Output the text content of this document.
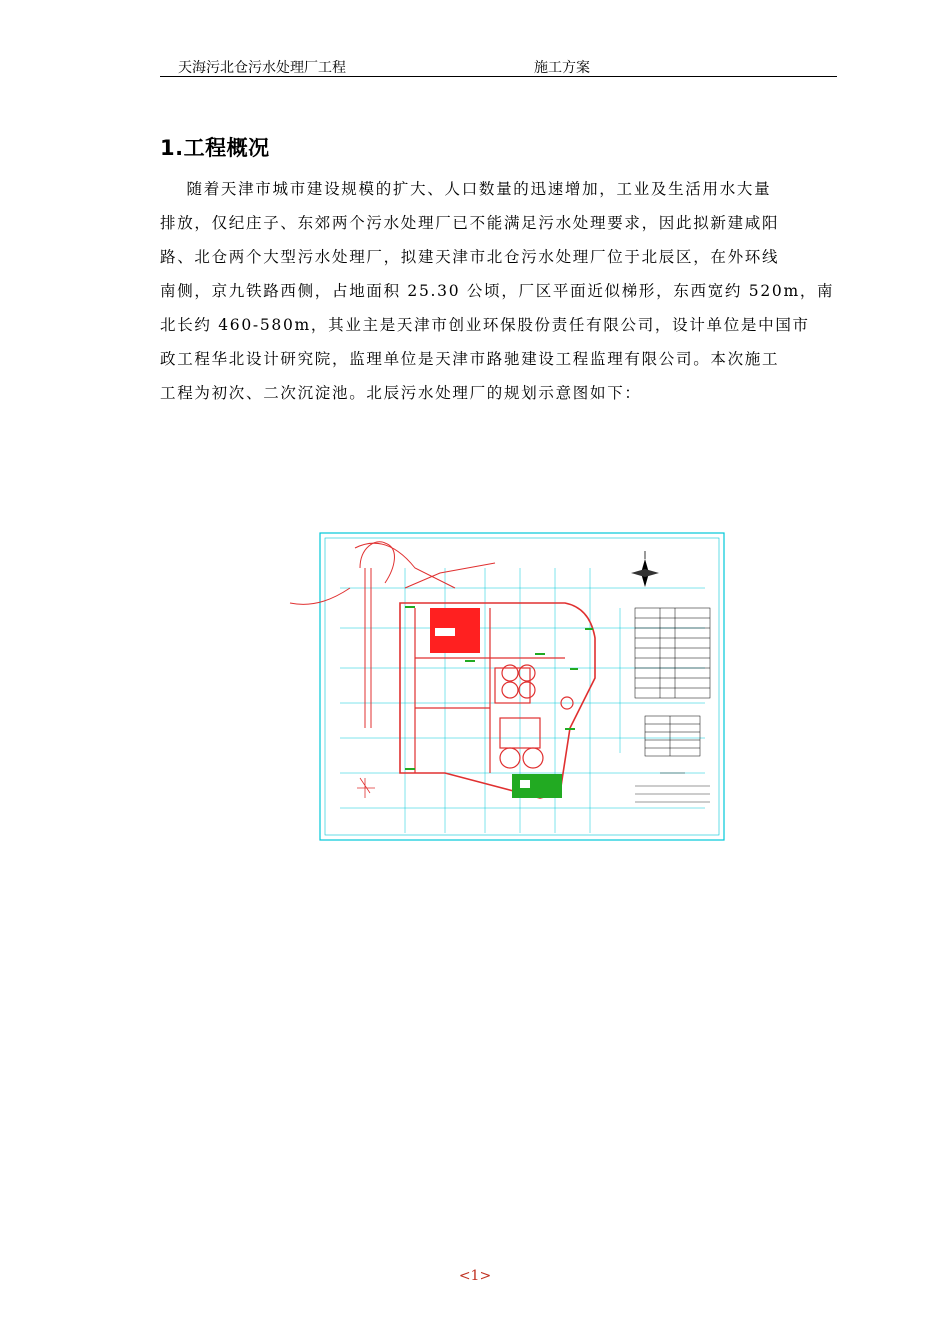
天海污北仓污水处理厂工程	施工方案
1.工程概况
随着天津市城市建设规模的扩大、人口数量的迅速增加，工业及生活用水大量
排放，仅纪庄子、东郊两个污水处理厂已不能满足污水处理要求，因此拟新建咸阳
路、北仓两个大型污水处理厂，拟建天津市北仓污水处理厂位于北辰区，在外环线
南侧，京九铁路西侧，占地面积 25.30 公顷，厂区平面近似梯形，东西宽约 520m，南
北长约 460-580m，其业主是天津市创业环保股份责任有限公司，设计单位是中国市
政工程华北设计研究院，监理单位是天津市路驰建设工程监理有限公司。本次施工
工程为初次、二次沉淀池。北辰污水处理厂的规划示意图如下：
<1>
